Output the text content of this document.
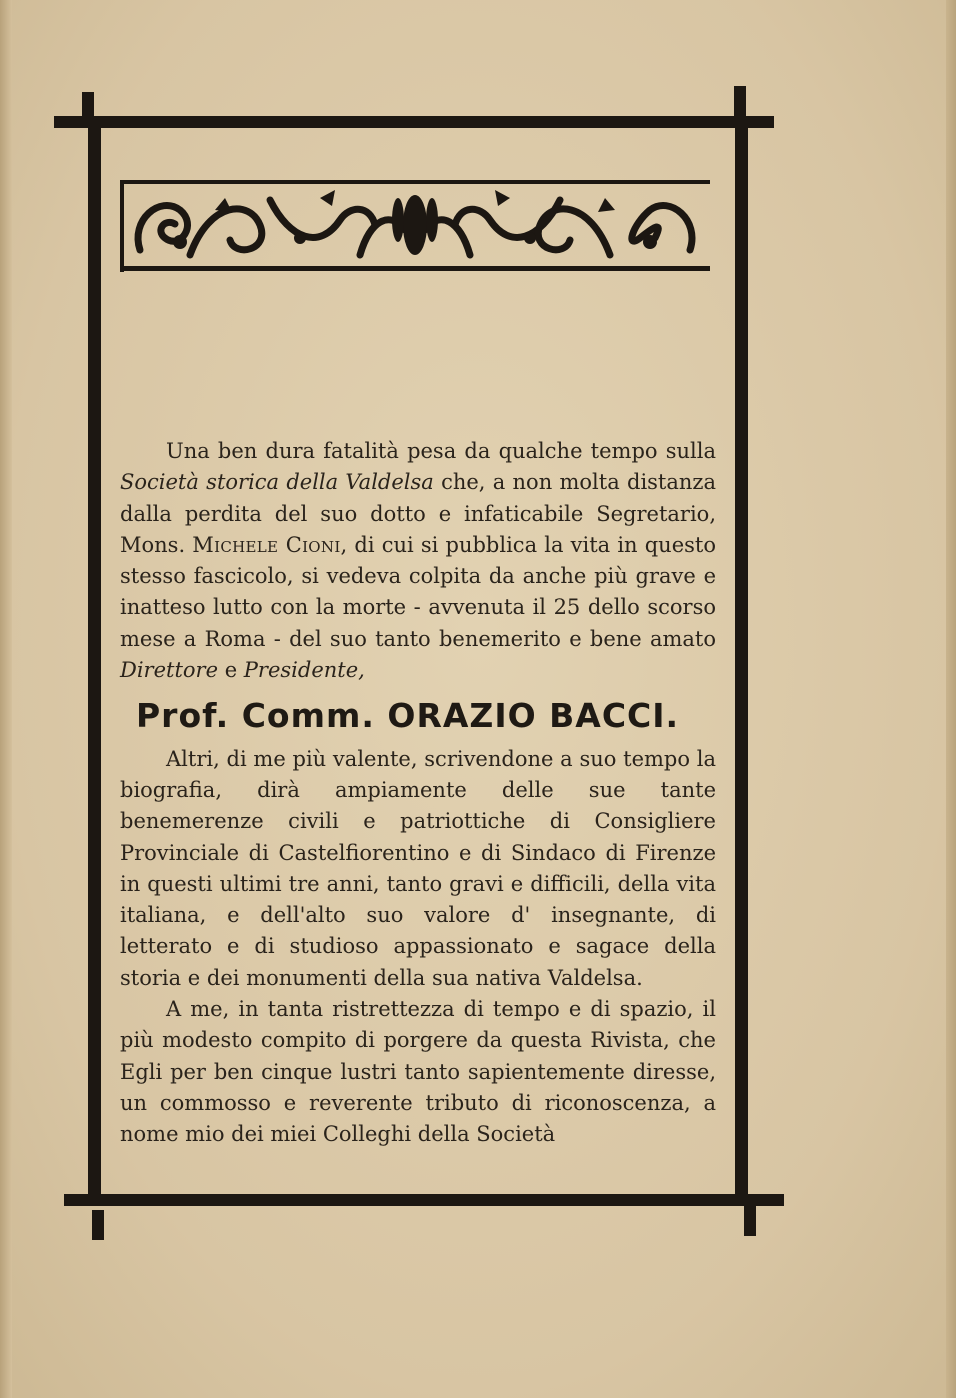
Una ben dura fatalità pesa da qualche tempo sulla Società storica della Valdelsa che, a non molta distanza dalla perdita del suo dotto e infaticabile Segretario, Mons. Michele Cioni, di cui si pubblica la vita in questo stesso fascicolo, si vedeva colpita da anche più grave e inatteso lutto con la morte - avvenuta il 25 dello scorso mese a Roma - del suo tanto benemerito e bene amato Direttore e Presidente,

Prof. Comm. ORAZIO BACCI.

Altri, di me più valente, scrivendone a suo tempo la biografia, dirà ampiamente delle sue tante benemerenze civili e patriottiche di Consigliere Provinciale di Castelfiorentino e di Sindaco di Firenze in questi ultimi tre anni, tanto gravi e difficili, della vita italiana, e dell'alto suo valore d' insegnante, di letterato e di studioso appassionato e sagace della storia e dei monumenti della sua nativa Valdelsa.

A me, in tanta ristrettezza di tempo e di spazio, il più modesto compito di porgere da questa Rivista, che Egli per ben cinque lustri tanto sapientemente diresse, un commosso e reverente tributo di riconoscenza, a nome mio dei miei Colleghi della Società
